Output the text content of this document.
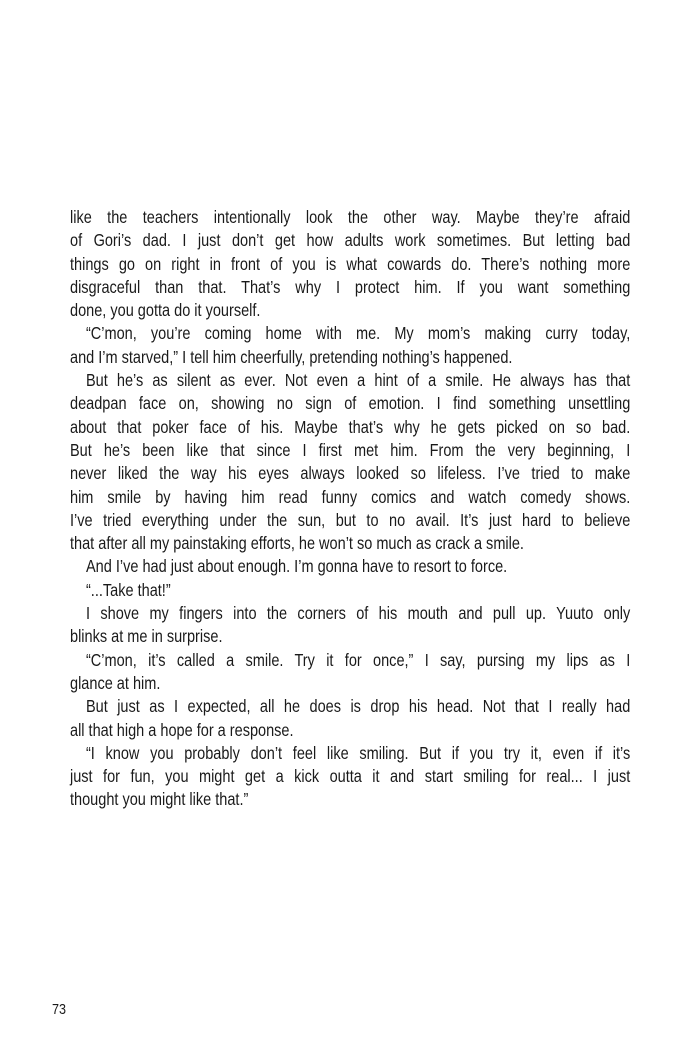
like the teachers intentionally look the other way. Maybe they’re afraid
of Gori’s dad. I just don’t get how adults work sometimes. But letting bad
things go on right in front of you is what cowards do. There’s nothing more
disgraceful than that. That’s why I protect him. If you want something
done, you gotta do it yourself.
“C’mon, you’re coming home with me. My mom’s making curry today,
and I’m starved,” I tell him cheerfully, pretending nothing’s happened.
But he’s as silent as ever. Not even a hint of a smile. He always has that
deadpan face on, showing no sign of emotion. I find something unsettling
about that poker face of his. Maybe that’s why he gets picked on so bad.
But he’s been like that since I first met him. From the very beginning, I
never liked the way his eyes always looked so lifeless. I’ve tried to make
him smile by having him read funny comics and watch comedy shows.
I’ve tried everything under the sun, but to no avail. It’s just hard to believe
that after all my painstaking efforts, he won’t so much as crack a smile.
And I’ve had just about enough. I’m gonna have to resort to force.
“...Take that!”
I shove my fingers into the corners of his mouth and pull up. Yuuto only
blinks at me in surprise.
“C’mon, it’s called a smile. Try it for once,” I say, pursing my lips as I
glance at him.
But just as I expected, all he does is drop his head. Not that I really had
all that high a hope for a response.
“I know you probably don’t feel like smiling. But if you try it, even if it’s
just for fun, you might get a kick outta it and start smiling for real... I just
thought you might like that.”
73
